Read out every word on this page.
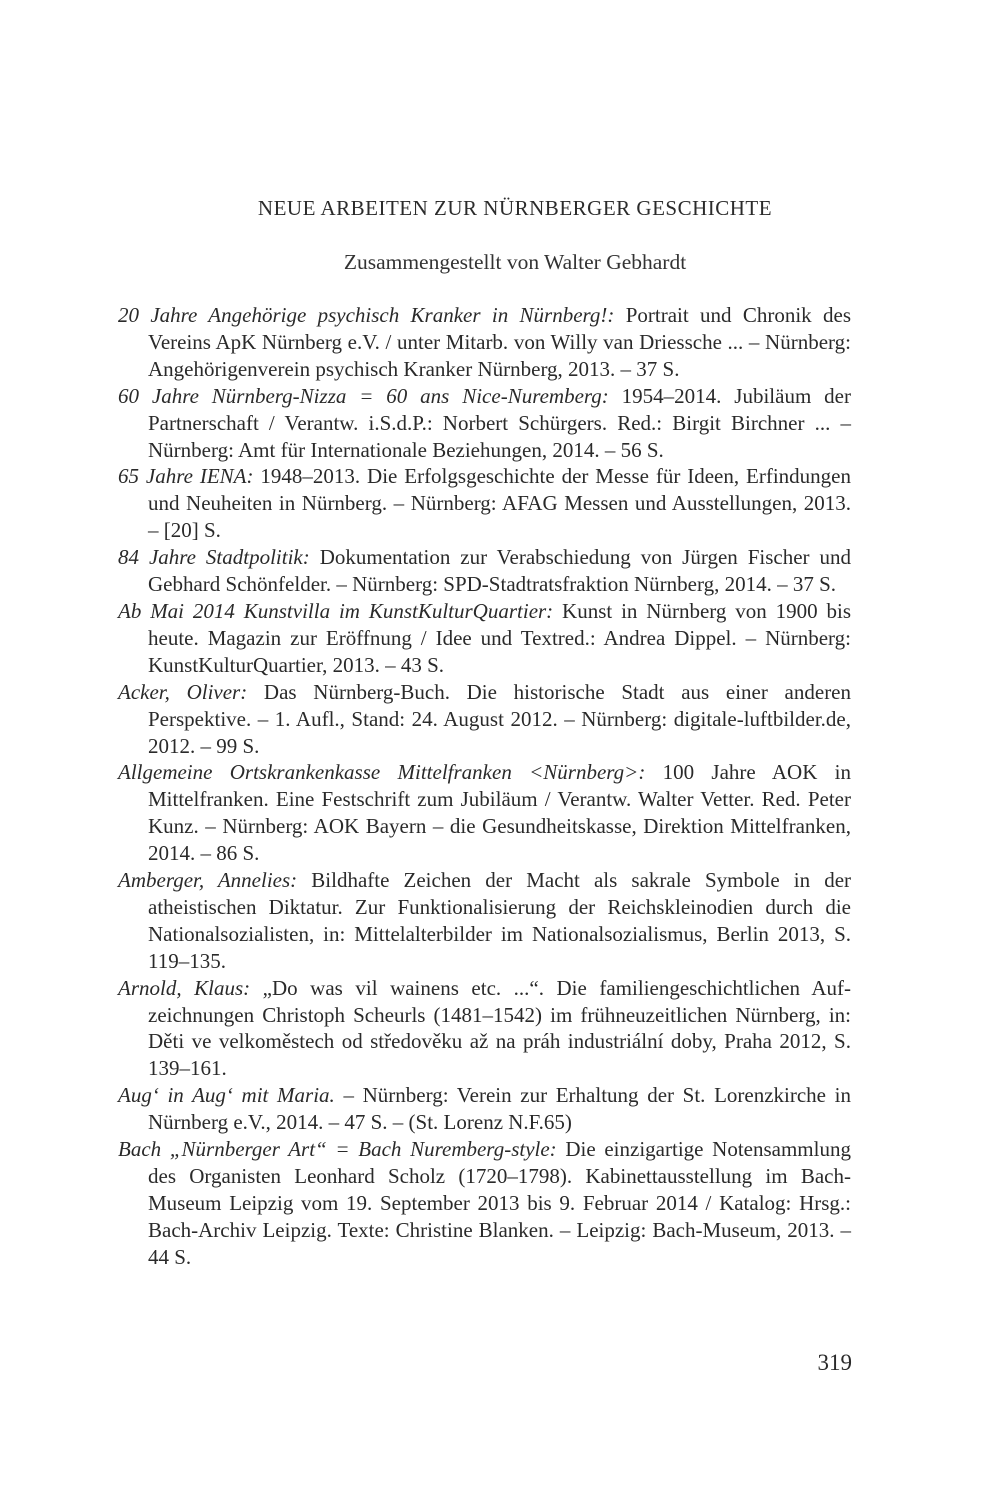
NEUE ARBEITEN ZUR NÜRNBERGER GESCHICHTE

Zusammengestellt von Walter Gebhardt

20 Jahre Angehörige psychisch Kranker in Nürnberg!: Portrait und Chronik des Vereins ApK Nürnberg e.V. / unter Mitarb. von Willy van Driessche ... – Nürnberg: Angehörigenverein psychisch Kranker Nürnberg, 2013. – 37 S.

60 Jahre Nürnberg-Nizza = 60 ans Nice-Nuremberg: 1954–2014. Jubiläum der Partnerschaft / Verantw. i.S.d.P.: Norbert Schürgers. Red.: Birgit Birchner ... – Nürnberg: Amt für Internationale Beziehungen, 2014. – 56 S.

65 Jahre IENA: 1948–2013. Die Erfolgsgeschichte der Messe für Ideen, Erfindungen und Neuheiten in Nürnberg. – Nürnberg: AFAG Messen und Ausstellungen, 2013. – [20] S.

84 Jahre Stadtpolitik: Dokumentation zur Verabschiedung von Jürgen Fischer und Gebhard Schönfelder. – Nürnberg: SPD-Stadtratsfraktion Nürnberg, 2014. – 37 S.

Ab Mai 2014 Kunstvilla im KunstKulturQuartier: Kunst in Nürnberg von 1900 bis heute. Magazin zur Eröffnung / Idee und Textred.: Andrea Dippel. – Nürnberg: KunstKulturQuartier, 2013. – 43 S.

Acker, Oliver: Das Nürnberg-Buch. Die historische Stadt aus einer anderen Perspektive. – 1. Aufl., Stand: 24. August 2012. – Nürnberg: digitale-luftbilder.de, 2012. – 99 S.

Allgemeine Ortskrankenkasse Mittelfranken <Nürnberg>: 100 Jahre AOK in Mittelfranken. Eine Festschrift zum Jubiläum / Verantw. Walter Vetter. Red. Peter Kunz. – Nürnberg: AOK Bayern – die Gesundheitskasse, Direktion Mittelfranken, 2014. – 86 S.

Amberger, Annelies: Bildhafte Zeichen der Macht als sakrale Symbole in der atheistischen Diktatur. Zur Funktionalisierung der Reichskleinodien durch die Nationalsozialisten, in: Mittelalterbilder im Nationalsozialismus, Berlin 2013, S. 119–135.

Arnold, Klaus: „Do was vil wainens etc. ...“. Die familiengeschichtlichen Aufzeichnungen Christoph Scheurls (1481–1542) im frühneuzeitlichen Nürnberg, in: Děti ve velkoměstech od středověku až na práh industriální doby, Praha 2012, S. 139–161.

Aug‘ in Aug‘ mit Maria. – Nürnberg: Verein zur Erhaltung der St. Lorenzkirche in Nürnberg e.V., 2014. – 47 S. – (St. Lorenz N.F.65)

Bach „Nürnberger Art“ = Bach Nuremberg-style: Die einzigartige Notensammlung des Organisten Leonhard Scholz (1720–1798). Kabinettausstellung im Bach-Museum Leipzig vom 19. September 2013 bis 9. Februar 2014 / Katalog: Hrsg.: Bach-Archiv Leipzig. Texte: Christine Blanken. – Leipzig: Bach-Museum, 2013. – 44 S.

319
